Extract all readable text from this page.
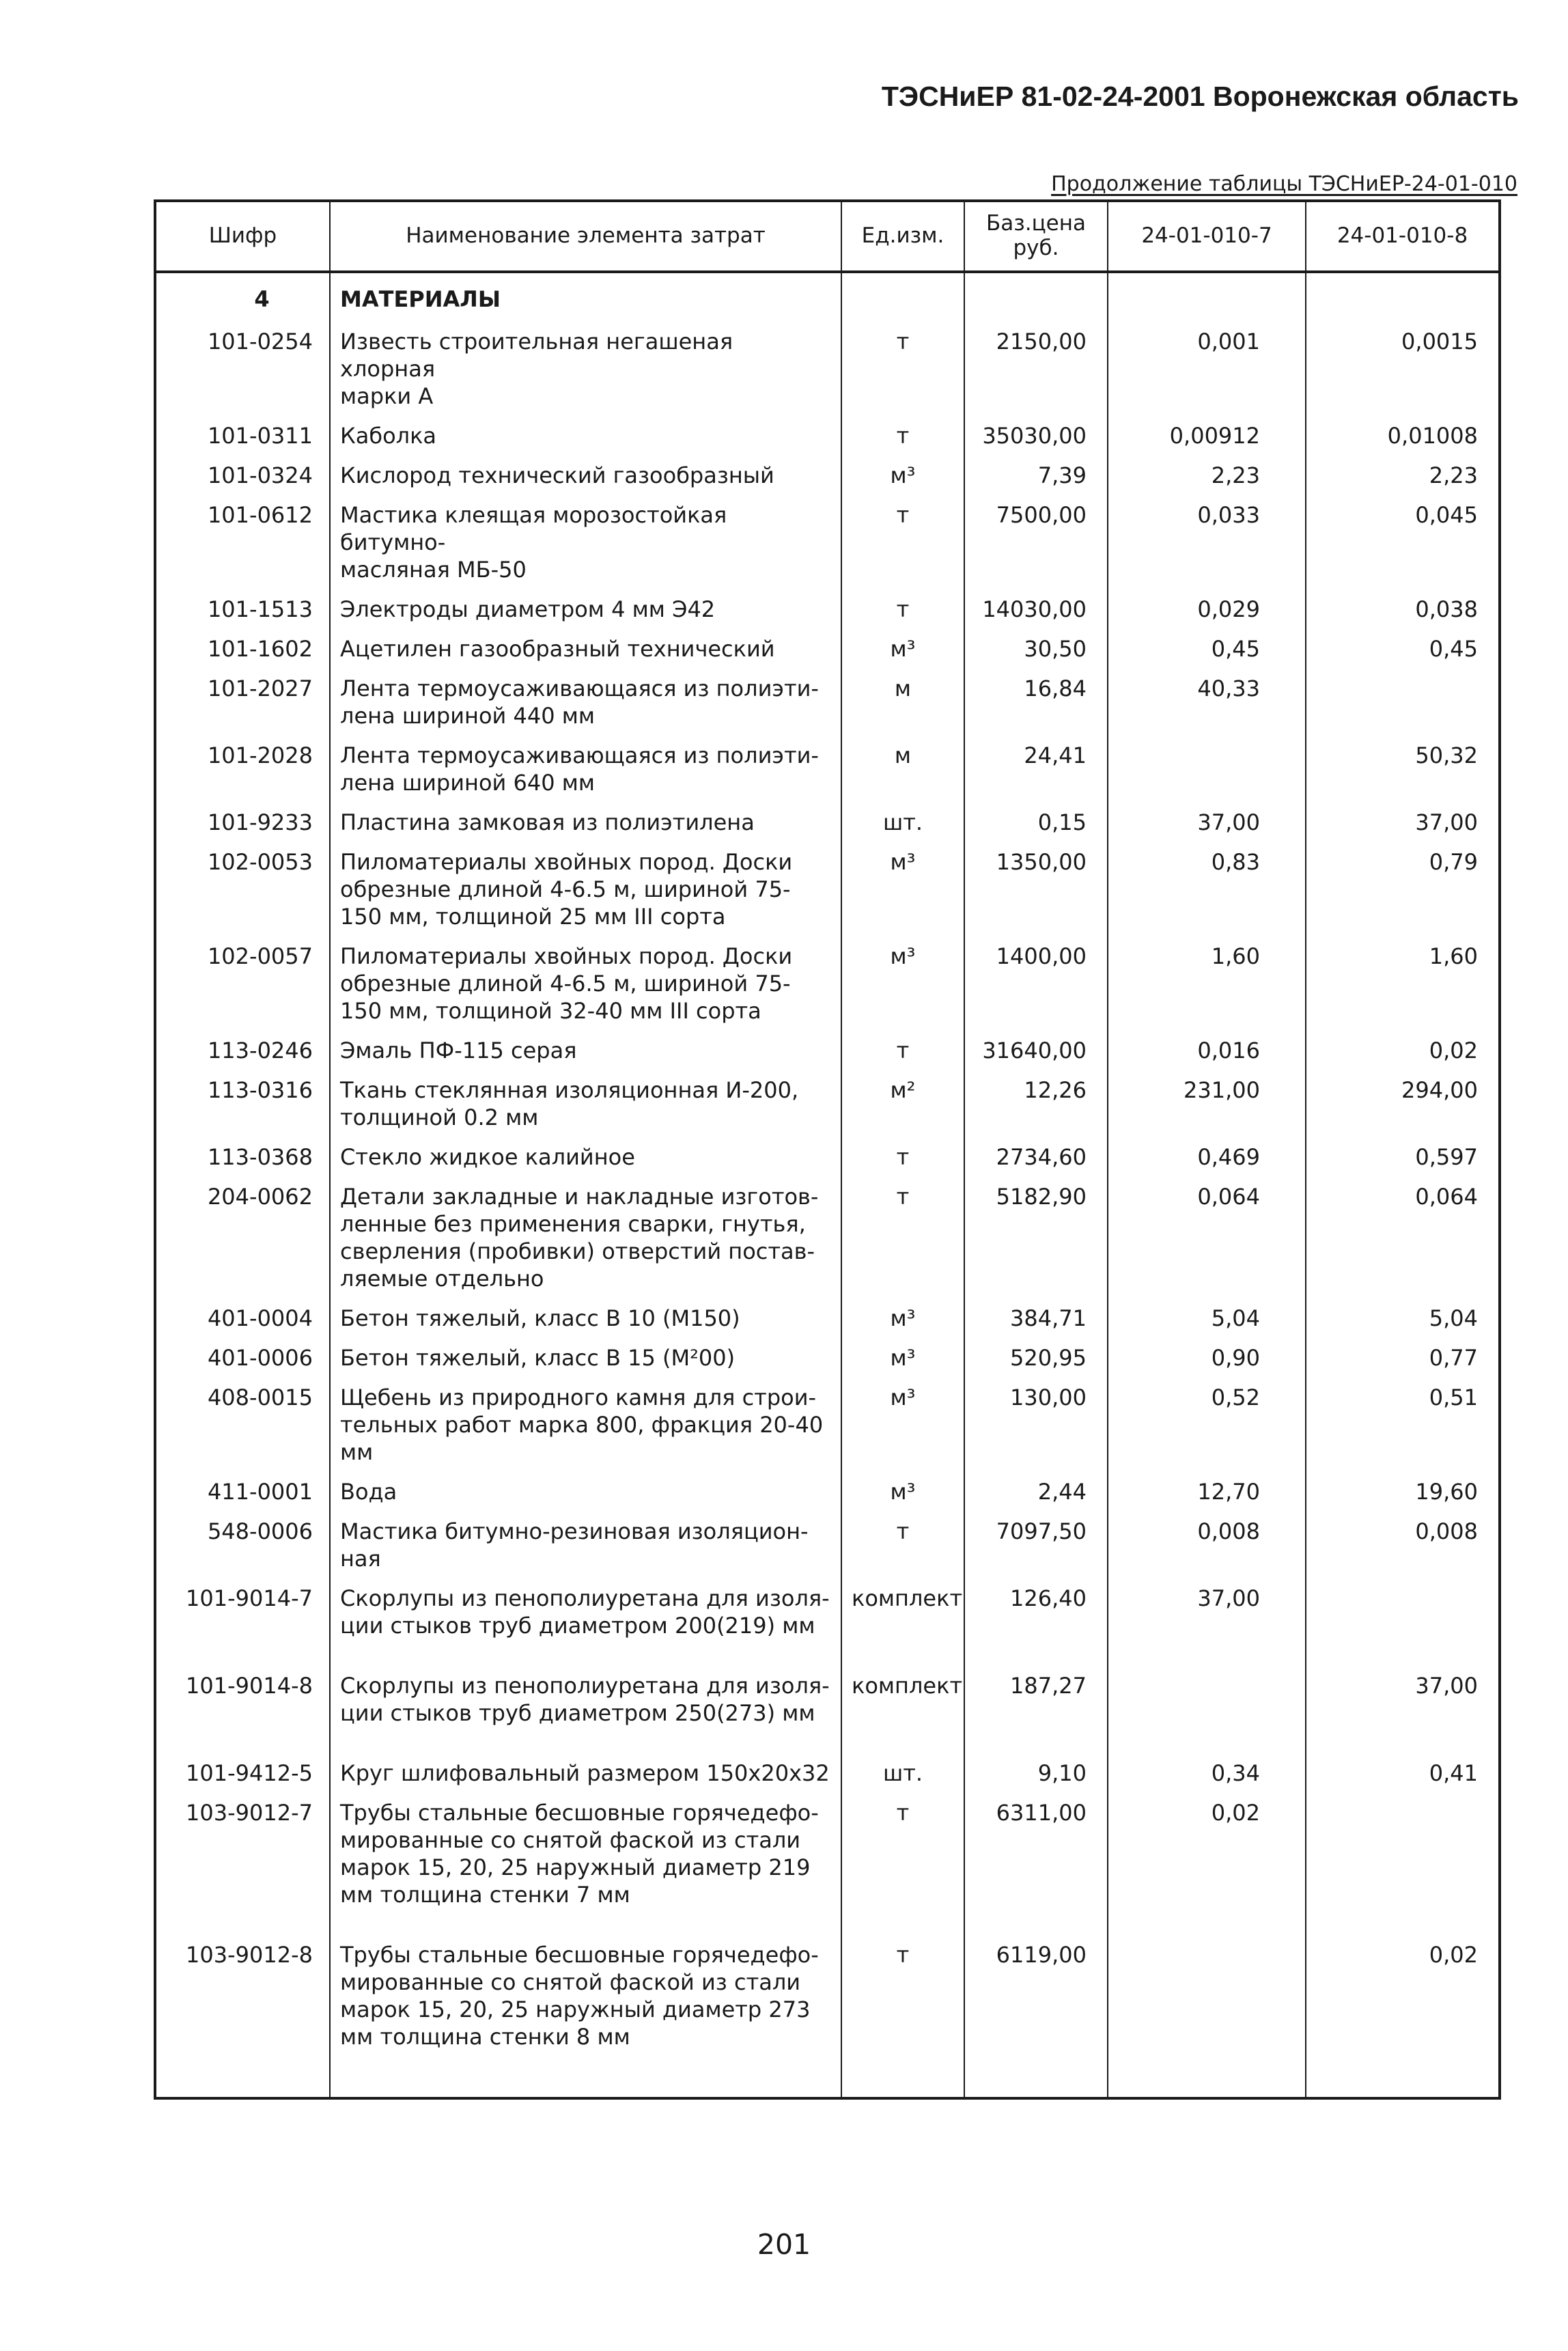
ТЭСНиЕР 81-02-24-2001 Воронежская область
Продолжение таблицы ТЭСНиЕР-24-01-010
Шифр	Наименование элемента затрат	Ед.изм.	Баз.цена руб.	24-01-010-7	24-01-010-8
4	МАТЕРИАЛЫ				
101-0254	Известь строительная негашеная хлорная
марки А	т	2150,00	0,001	0,0015
101-0311	Каболка	т	35030,00	0,00912	0,01008
101-0324	Кислород технический газообразный	м³	7,39	2,23	2,23
101-0612	Мастика клеящая морозостойкая битумно-
масляная МБ-50	т	7500,00	0,033	0,045
101-1513	Электроды диаметром 4 мм Э42	т	14030,00	0,029	0,038
101-1602	Ацетилен газообразный технический	м³	30,50	0,45	0,45
101-2027	Лента термоусаживающаяся из полиэти-
лена шириной 440 мм	м	16,84	40,33	
101-2028	Лента термоусаживающаяся из полиэти-
лена шириной 640 мм	м	24,41		50,32
101-9233	Пластина замковая из полиэтилена	шт.	0,15	37,00	37,00
102-0053	Пиломатериалы хвойных пород. Доски
обрезные длиной 4-6.5 м, шириной 75-
150 мм, толщиной 25 мм III сорта	м³	1350,00	0,83	0,79
102-0057	Пиломатериалы хвойных пород. Доски
обрезные длиной 4-6.5 м, шириной 75-
150 мм, толщиной 32-40 мм III сорта	м³	1400,00	1,60	1,60
113-0246	Эмаль ПФ-115 серая	т	31640,00	0,016	0,02
113-0316	Ткань стеклянная изоляционная И-200,
толщиной 0.2 мм	м²	12,26	231,00	294,00
113-0368	Стекло жидкое калийное	т	2734,60	0,469	0,597
204-0062	Детали закладные и накладные изготов-
ленные без применения сварки, гнутья,
сверления (пробивки) отверстий постав-
ляемые отдельно	т	5182,90	0,064	0,064
401-0004	Бетон тяжелый, класс В 10 (М150)	м³	384,71	5,04	5,04
401-0006	Бетон тяжелый, класс В 15 (М²00)	м³	520,95	0,90	0,77
408-0015	Щебень из природного камня для строи-
тельных работ марка 800, фракция 20-40
мм	м³	130,00	0,52	0,51
411-0001	Вода	м³	2,44	12,70	19,60
548-0006	Мастика битумно-резиновая изоляцион-
ная	т	7097,50	0,008	0,008
101-9014-7	Скорлупы из пенополиуретана для изоля-
ции стыков труб диаметром 200(219) мм	комплект	126,40	37,00	
101-9014-8	Скорлупы из пенополиуретана для изоля-
ции стыков труб диаметром 250(273) мм	комплект	187,27		37,00
101-9412-5	Круг шлифовальный размером 150х20х32	шт.	9,10	0,34	0,41
103-9012-7	Трубы стальные бесшовные горячедефо-
мированные со снятой фаской из стали
марок 15, 20, 25 наружный диаметр 219
мм толщина стенки 7 мм	т	6311,00	0,02	
103-9012-8	Трубы стальные бесшовные горячедефо-
мированные со снятой фаской из стали
марок 15, 20, 25 наружный диаметр 273
мм толщина стенки 8 мм	т	6119,00		0,02

201
